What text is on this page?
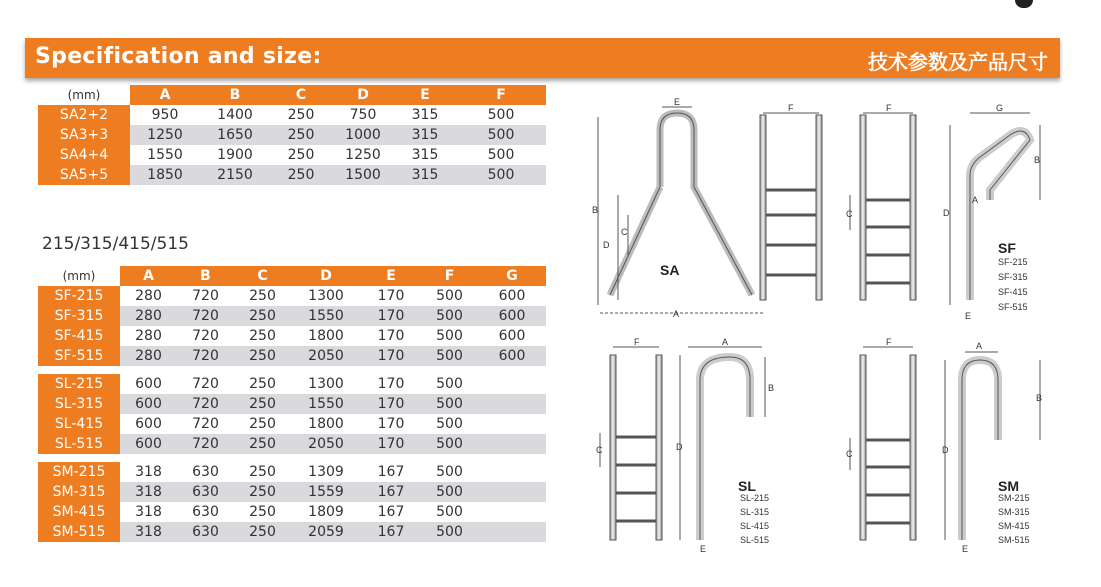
Specification and size:	技术参数及产品尺寸
(mm)	A	B	C	D	E	F	
SA2+2	950	1400	250	750	315	500	
SA3+3	1250	1650	250	1000	315	500	
SA4+4	1550	1900	250	1250	315	500	
SA5+5	1850	2150	250	1500	315	500	
215/315/415/515
(mm)	A	B	C	D	E	F	G
SF-215	280	720	250	1300	170	500	600
SF-315	280	720	250	1550	170	500	600
SF-415	280	720	250	1800	170	500	600
SF-515	280	720	250	2050	170	500	600

SL-215	600	720	250	1300	170	500	
SL-315	600	720	250	1550	170	500	
SL-415	600	720	250	1800	170	500	
SL-515	600	720	250	2050	170	500	

SM-215	318	630	250	1309	167	500	
SM-315	318	630	250	1559	167	500	
SM-415	318	630	250	1809	167	500	
SM-515	318	630	250	2059	167	500	
E
B
C
D
A
F	F
C
G
B
A
D
E
F
C
A
B
D
E
F
C
A
B
D
E
SA
SF
SL	SM
SF-215
SF-315
SF-415
SF-515
SL-215
SL-315
SL-415
SL-515
SM-215
SM-315
SM-415
SM-515
